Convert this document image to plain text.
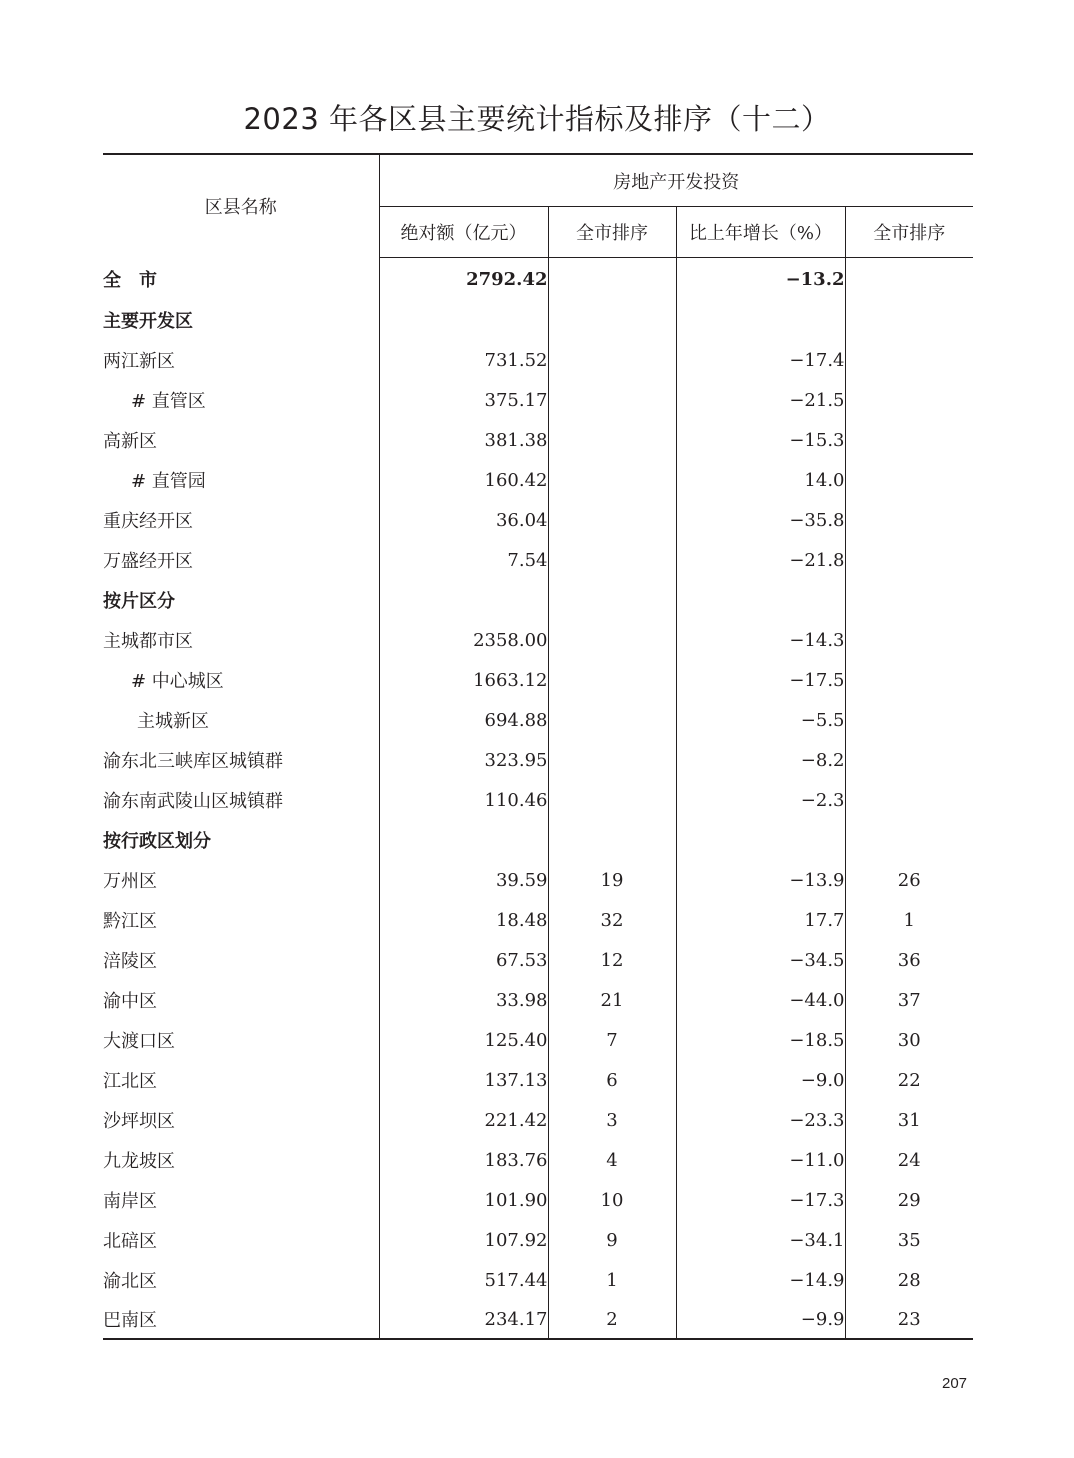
2023 年各区县主要统计指标及排序（十二）
区县名称	房地产开发投资			
	绝对额（亿元）	全市排序	比上年增长（%）	全市排序
全　市	2792.42		−13.2	
主要开发区				
两江新区	731.52		−17.4	
# 直管区	375.17		−21.5	
高新区	381.38		−15.3	
# 直管园	160.42		14.0	
重庆经开区	36.04		−35.8	
万盛经开区	7.54		−21.8	
按片区分				
主城都市区	2358.00		−14.3	
# 中心城区	1663.12		−17.5	
主城新区	694.88		−5.5	
渝东北三峡库区城镇群	323.95		−8.2	
渝东南武陵山区城镇群	110.46		−2.3	
按行政区划分				
万州区	39.59	19	−13.9	26
黔江区	18.48	32	17.7	1
涪陵区	67.53	12	−34.5	36
渝中区	33.98	21	−44.0	37
大渡口区	125.40	7	−18.5	30
江北区	137.13	6	−9.0	22
沙坪坝区	221.42	3	−23.3	31
九龙坡区	183.76	4	−11.0	24
南岸区	101.90	10	−17.3	29
北碚区	107.92	9	−34.1	35
渝北区	517.44	1	−14.9	28
巴南区	234.17	2	−9.9	23
207
